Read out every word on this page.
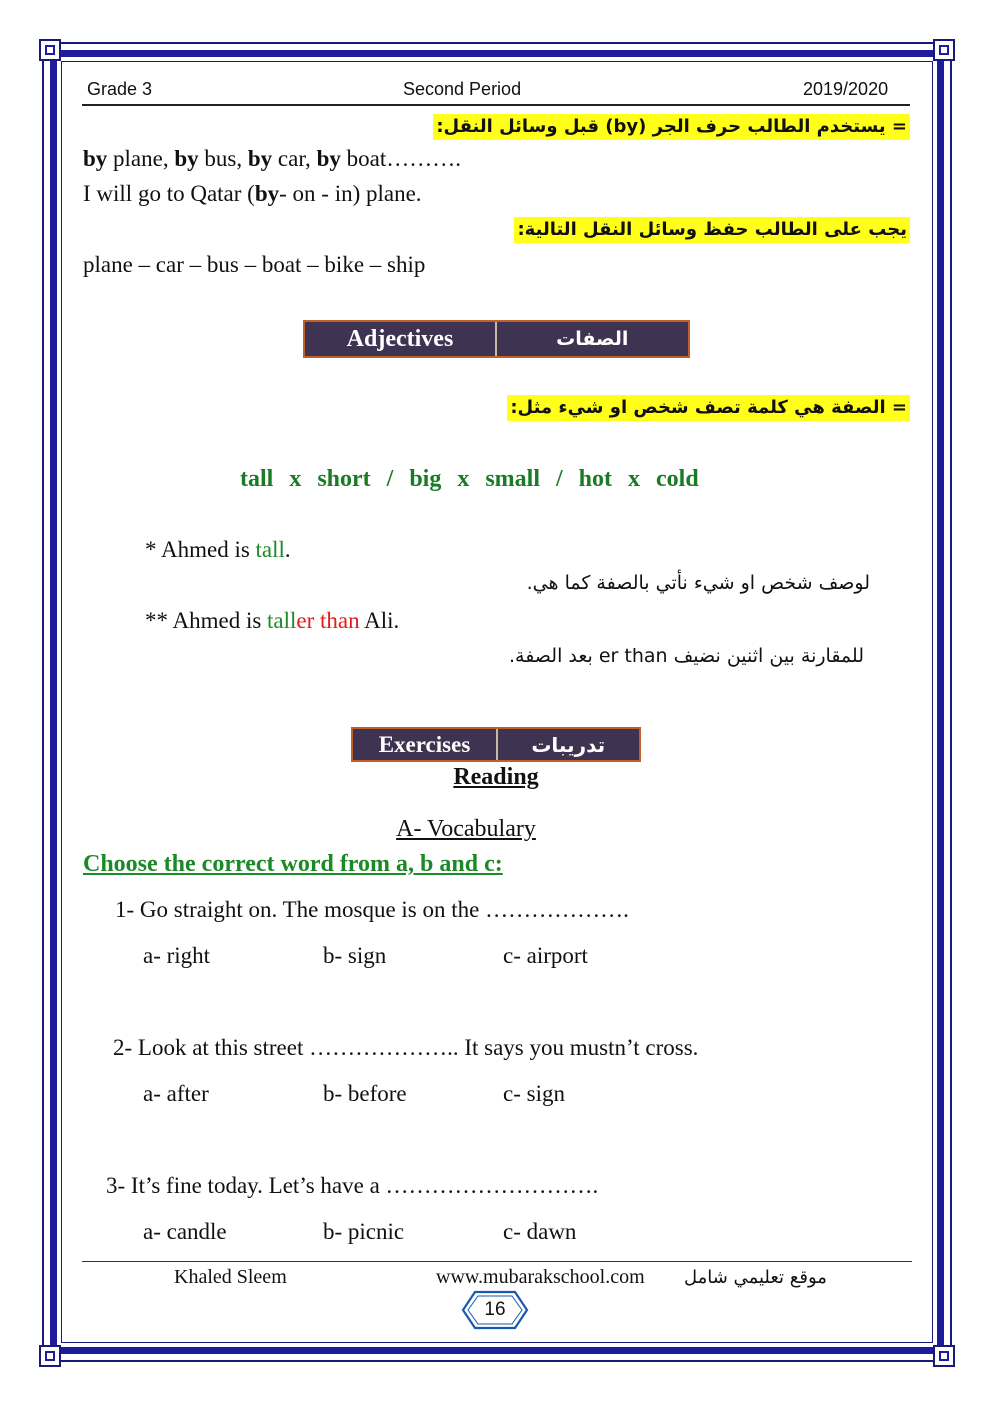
Grade 3	Second Period	2019/2020
= يستخدم الطالب حرف الجر (by) قبل وسائل النقل:
by plane, by bus, by car, by boat……….
I will go to Qatar (by- on - in) plane.
يجب على الطالب حفظ وسائل النقل التالية:
plane – car – bus – boat – bike – ship
Adjectives	الصفات
= الصفة هي كلمة تصف شخص او شيء مثل:
tall x short / big x small / hot x cold
* Ahmed is tall.
لوصف شخص او شيء نأتي بالصفة كما هي.
** Ahmed is taller than Ali.
للمقارنة بين اثنين نضيف er than بعد الصفة.
Exercises	تدريبات
Reading
A- Vocabulary
Choose the correct word from a, b and c:
1- Go straight on. The mosque is on the ……………….
a- right	b- sign	c- airport
2- Look at this street ……………….. It says you mustn’t cross.
a- after	b- before	c- sign
3- It’s fine today. Let’s have a ……………………….
a- candle	b- picnic	c- dawn
Khaled Sleem	www.mubarakschool.com موقع تعليمي شامل
16
